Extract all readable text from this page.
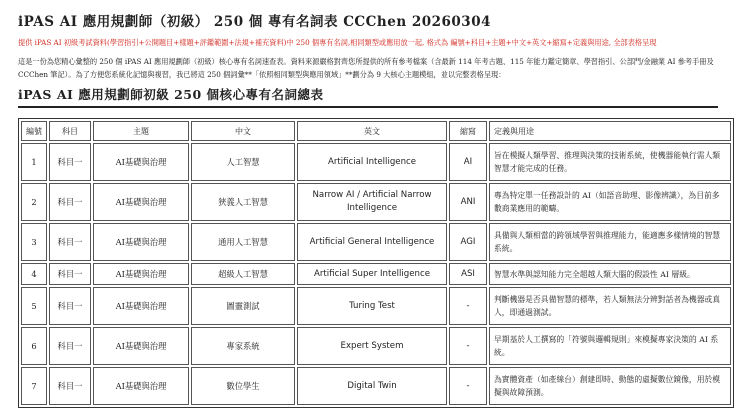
iPAS AI 應用規劃師（初級） 250 個 專有名詞表 CCChen 20260304
提供 iPAS AI 初級考試資料(學習指引+公開題目+樣題+評鑑範圍+法規+補充資料)中 250 個專有名詞,相同類型或應用放一起, 格式為 編號+科目+主題+中文+英文+縮寫+定義與用途, 全部表格呈現
這是一份為您精心彙整的 250 個 iPAS AI 應用規劃師（初級）核心專有名詞速查表。資料來源嚴格對齊您所提供的所有參考檔案（含最新 114 年考古題、115 年能力鑑定簡章、學習指引、公部門/金融業 AI 參考手冊及 CCChen 筆記）。為了方便您系統化記憶與複習，我已將這 250 個詞彙**「依照相同類型與應用領域」**劃分為 9 大核心主題模組，並以完整表格呈現：
iPAS AI 應用規劃師初級 250 個核心專有名詞總表
編號	科目	主題	中文	英文	縮寫	定義與用途
1	科目一	AI基礎與治理	人工智慧	Artificial Intelligence	AI	旨在模擬人類學習、推理與決策的技術系統，使機器能執行需人類智慧才能完成的任務。
2	科目一	AI基礎與治理	狹義人工智慧	Narrow AI / Artificial Narrow Intelligence	ANI	專為特定單一任務設計的 AI（如語音助理、影像辨識），為目前多數商業應用的範疇。
3	科目一	AI基礎與治理	通用人工智慧	Artificial General Intelligence	AGI	具備與人類相當的跨領域學習與推理能力，能適應多樣情境的智慧系統。
4	科目一	AI基礎與治理	超級人工智慧	Artificial Super Intelligence	ASI	智慧水準與認知能力完全超越人類大腦的假設性 AI 層級。
5	科目一	AI基礎與治理	圖靈測試	Turing Test	-	判斷機器是否具備智慧的標準，若人類無法分辨對話者為機器或真人，即通過測試。
6	科目一	AI基礎與治理	專家系統	Expert System	-	早期基於人工撰寫的「符號與邏輯規則」來模擬專家決策的 AI 系統。
7	科目一	AI基礎與治理	數位學生	Digital Twin	-	為實體資產（如產線台）創建即時、動態的虛擬數位鏡像，用於模擬與故障預測。
